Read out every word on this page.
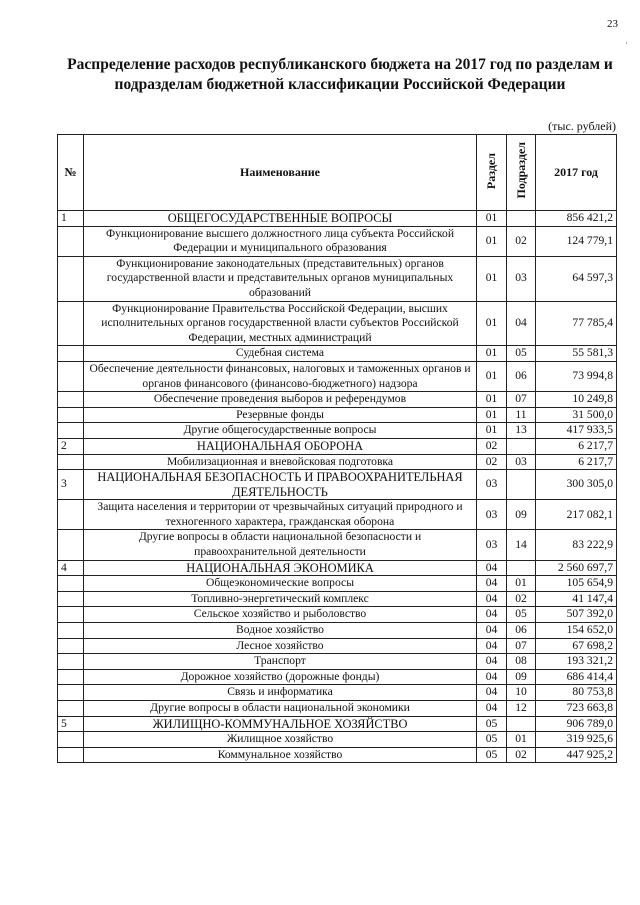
23
Распределение расходов республиканского бюджета на 2017 год по разделам и подразделам бюджетной классификации Российской Федерации
(тыс. рублей)
№	Наименование	Раздел	Подраздел	2017 год
1	ОБЩЕГОСУДАРСТВЕННЫЕ ВОПРОСЫ	01		856 421,2
	Функционирование высшего должностного лица субъекта Российской Федерации и муниципального образования	01	02	124 779,1
	Функционирование законодательных (представительных) органов государственной власти и представительных органов муниципальных образований	01	03	64 597,3
	Функционирование Правительства Российской Федерации, высших исполнительных органов государственной власти субъектов Российской Федерации, местных администраций	01	04	77 785,4
	Судебная система	01	05	55 581,3
	Обеспечение деятельности финансовых, налоговых и таможенных органов и органов финансового (финансово-бюджетного) надзора	01	06	73 994,8
	Обеспечение проведения выборов и референдумов	01	07	10 249,8
	Резервные фонды	01	11	31 500,0
	Другие общегосударственные вопросы	01	13	417 933,5
2	НАЦИОНАЛЬНАЯ ОБОРОНА	02		6 217,7
	Мобилизационная и вневойсковая подготовка	02	03	6 217,7
3	НАЦИОНАЛЬНАЯ БЕЗОПАСНОСТЬ И ПРАВООХРАНИТЕЛЬНАЯ ДЕЯТЕЛЬНОСТЬ	03		300 305,0
	Защита населения и территории от чрезвычайных ситуаций природного и техногенного характера, гражданская оборона	03	09	217 082,1
	Другие вопросы в области национальной безопасности и правоохранительной деятельности	03	14	83 222,9
4	НАЦИОНАЛЬНАЯ ЭКОНОМИКА	04		2 560 697,7
	Общеэкономические вопросы	04	01	105 654,9
	Топливно-энергетический комплекс	04	02	41 147,4
	Сельское хозяйство и рыболовство	04	05	507 392,0
	Водное хозяйство	04	06	154 652,0
	Лесное хозяйство	04	07	67 698,2
	Транспорт	04	08	193 321,2
	Дорожное хозяйство (дорожные фонды)	04	09	686 414,4
	Связь и информатика	04	10	80 753,8
	Другие вопросы в области национальной экономики	04	12	723 663,8
5	ЖИЛИЩНО-КОММУНАЛЬНОЕ ХОЗЯЙСТВО	05		906 789,0
	Жилищное хозяйство	05	01	319 925,6
	Коммунальное хозяйство	05	02	447 925,2
·
